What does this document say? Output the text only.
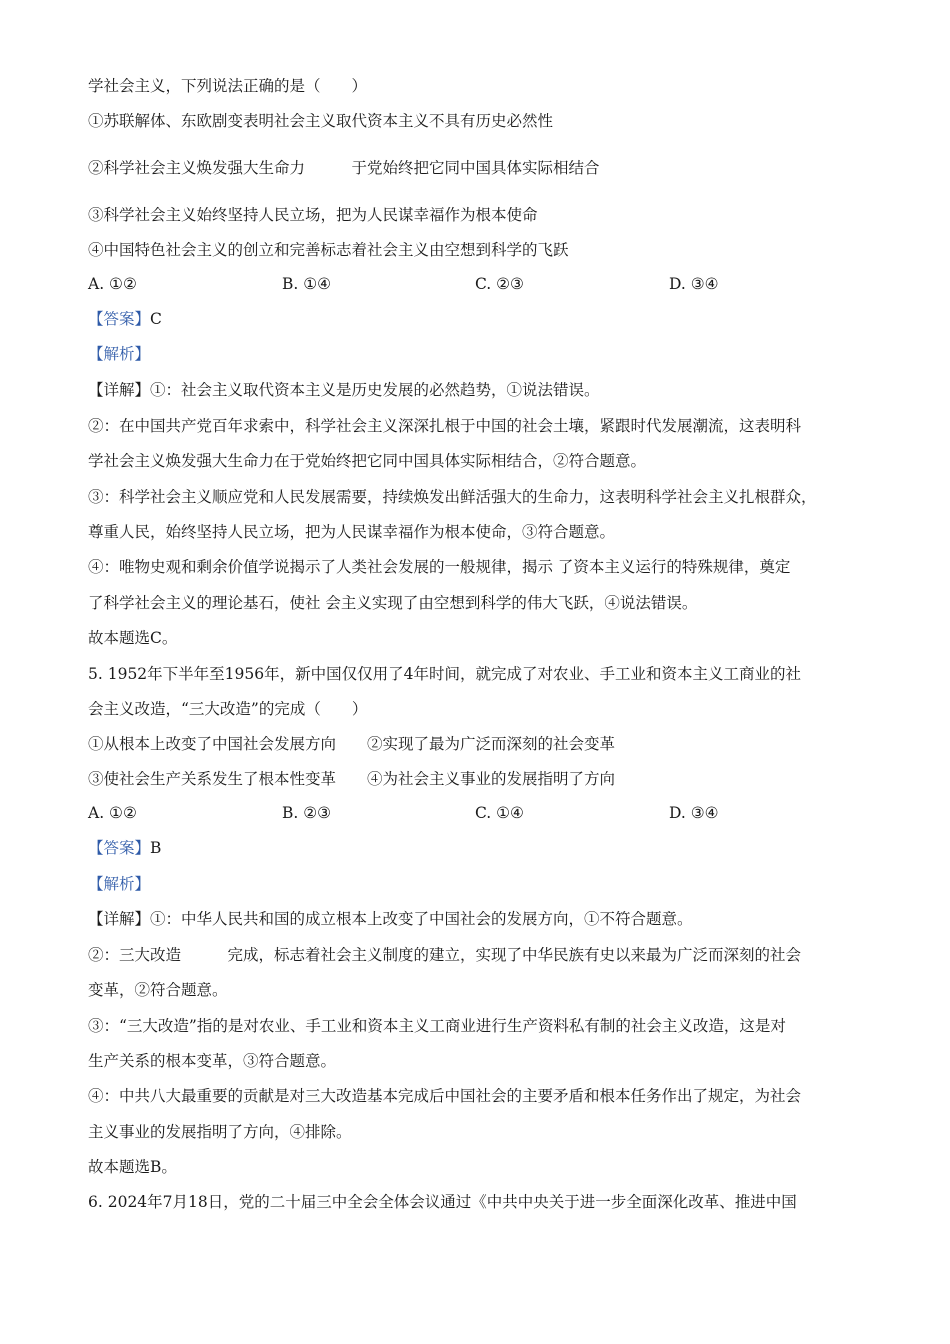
学社会主义，下列说法正确的是（　　）
①苏联解体、东欧剧变表明社会主义取代资本主义不具有历史必然性
②科学社会主义焕发强大生命力　　　于党始终把它同中国具体实际相结合
③科学社会主义始终坚持人民立场，把为人民谋幸福作为根本使命
④中国特色社会主义的创立和完善标志着社会主义由空想到科学的飞跃
A. ①②	B. ①④	C. ②③	D. ③④
【答案】C
【解析】
【详解】①：社会主义取代资本主义是历史发展的必然趋势，①说法错误。
②：在中国共产党百年求索中，科学社会主义深深扎根于中国的社会土壤，紧跟时代发展潮流，这表明科
学社会主义焕发强大生命力在于党始终把它同中国具体实际相结合，②符合题意。
③：科学社会主义顺应党和人民发展需要，持续焕发出鲜活强大的生命力，这表明科学社会主义扎根群众，
尊重人民，始终坚持人民立场，把为人民谋幸福作为根本使命，③符合题意。
④：唯物史观和剩余价值学说揭示了人类社会发展的一般规律，揭示 了资本主义运行的特殊规律，奠定
了科学社会主义的理论基石，使社 会主义实现了由空想到科学的伟大飞跃，④说法错误。
故本题选C。
5. 1952年下半年至1956年，新中国仅仅用了4年时间，就完成了对农业、手工业和资本主义工商业的社
会主义改造，“三大改造”的完成（　　）
①从根本上改变了中国社会发展方向　　②实现了最为广泛而深刻的社会变革
③使社会生产关系发生了根本性变革　　④为社会主义事业的发展指明了方向
A. ①②	B. ②③	C. ①④	D. ③④
【答案】B
【解析】
【详解】①：中华人民共和国的成立根本上改变了中国社会的发展方向，①不符合题意。
②：三大改造　　　完成，标志着社会主义制度的建立，实现了中华民族有史以来最为广泛而深刻的社会
变革，②符合题意。
③：“三大改造”指的是对农业、手工业和资本主义工商业进行生产资料私有制的社会主义改造，这是对
生产关系的根本变革，③符合题意。
④：中共八大最重要的贡献是对三大改造基本完成后中国社会的主要矛盾和根本任务作出了规定，为社会
主义事业的发展指明了方向，④排除。
故本题选B。
6. 2024年7月18日，党的二十届三中全会全体会议通过《中共中央关于进一步全面深化改革、推进中国
